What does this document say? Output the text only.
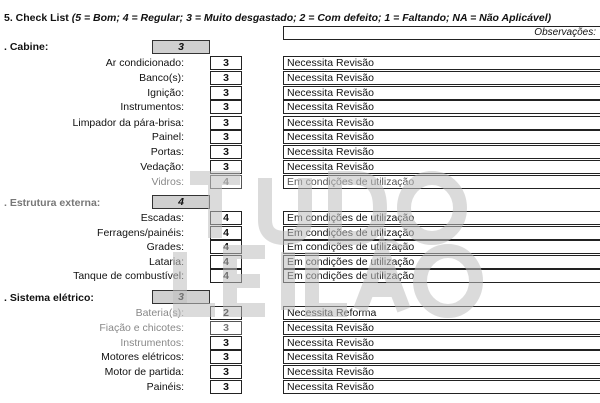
5. Check List (5 = Bom; 4 = Regular; 3 = Muito desgastado; 2 = Com defeito; 1 = Faltando; NA = Não Aplicável)
Observações:
. Cabine:	3
Ar condicionado:	3	Necessita Revisão
Banco(s):	3	Necessita Revisão
Ignição:	3	Necessita Revisão
Instrumentos:	3	Necessita Revisão
Limpador da pára-brisa:	3	Necessita Revisão
Painel:	3	Necessita Revisão
Portas:	3	Necessita Revisão
Vedação:	3	Necessita Revisão
Vidros:	4	Em condições de utilização
. Estrutura externa:	4
Escadas:	4	Em condições de utilização
Ferragens/painéis:	4	Em condições de utilização
Grades:	4	Em condições de utilização
Lataria:	4	Em condições de utilização
Tanque de combustível:	4	Em condições de utilização
. Sistema elétrico:	3
Bateria(s):	2	Necessita Reforma
Fiação e chicotes:	3	Necessita Revisão
Instrumentos:	3	Necessita Revisão
Motores elétricos:	3	Necessita Revisão
Motor de partida:	3	Necessita Revisão
Painéis:	3	Necessita Revisão
